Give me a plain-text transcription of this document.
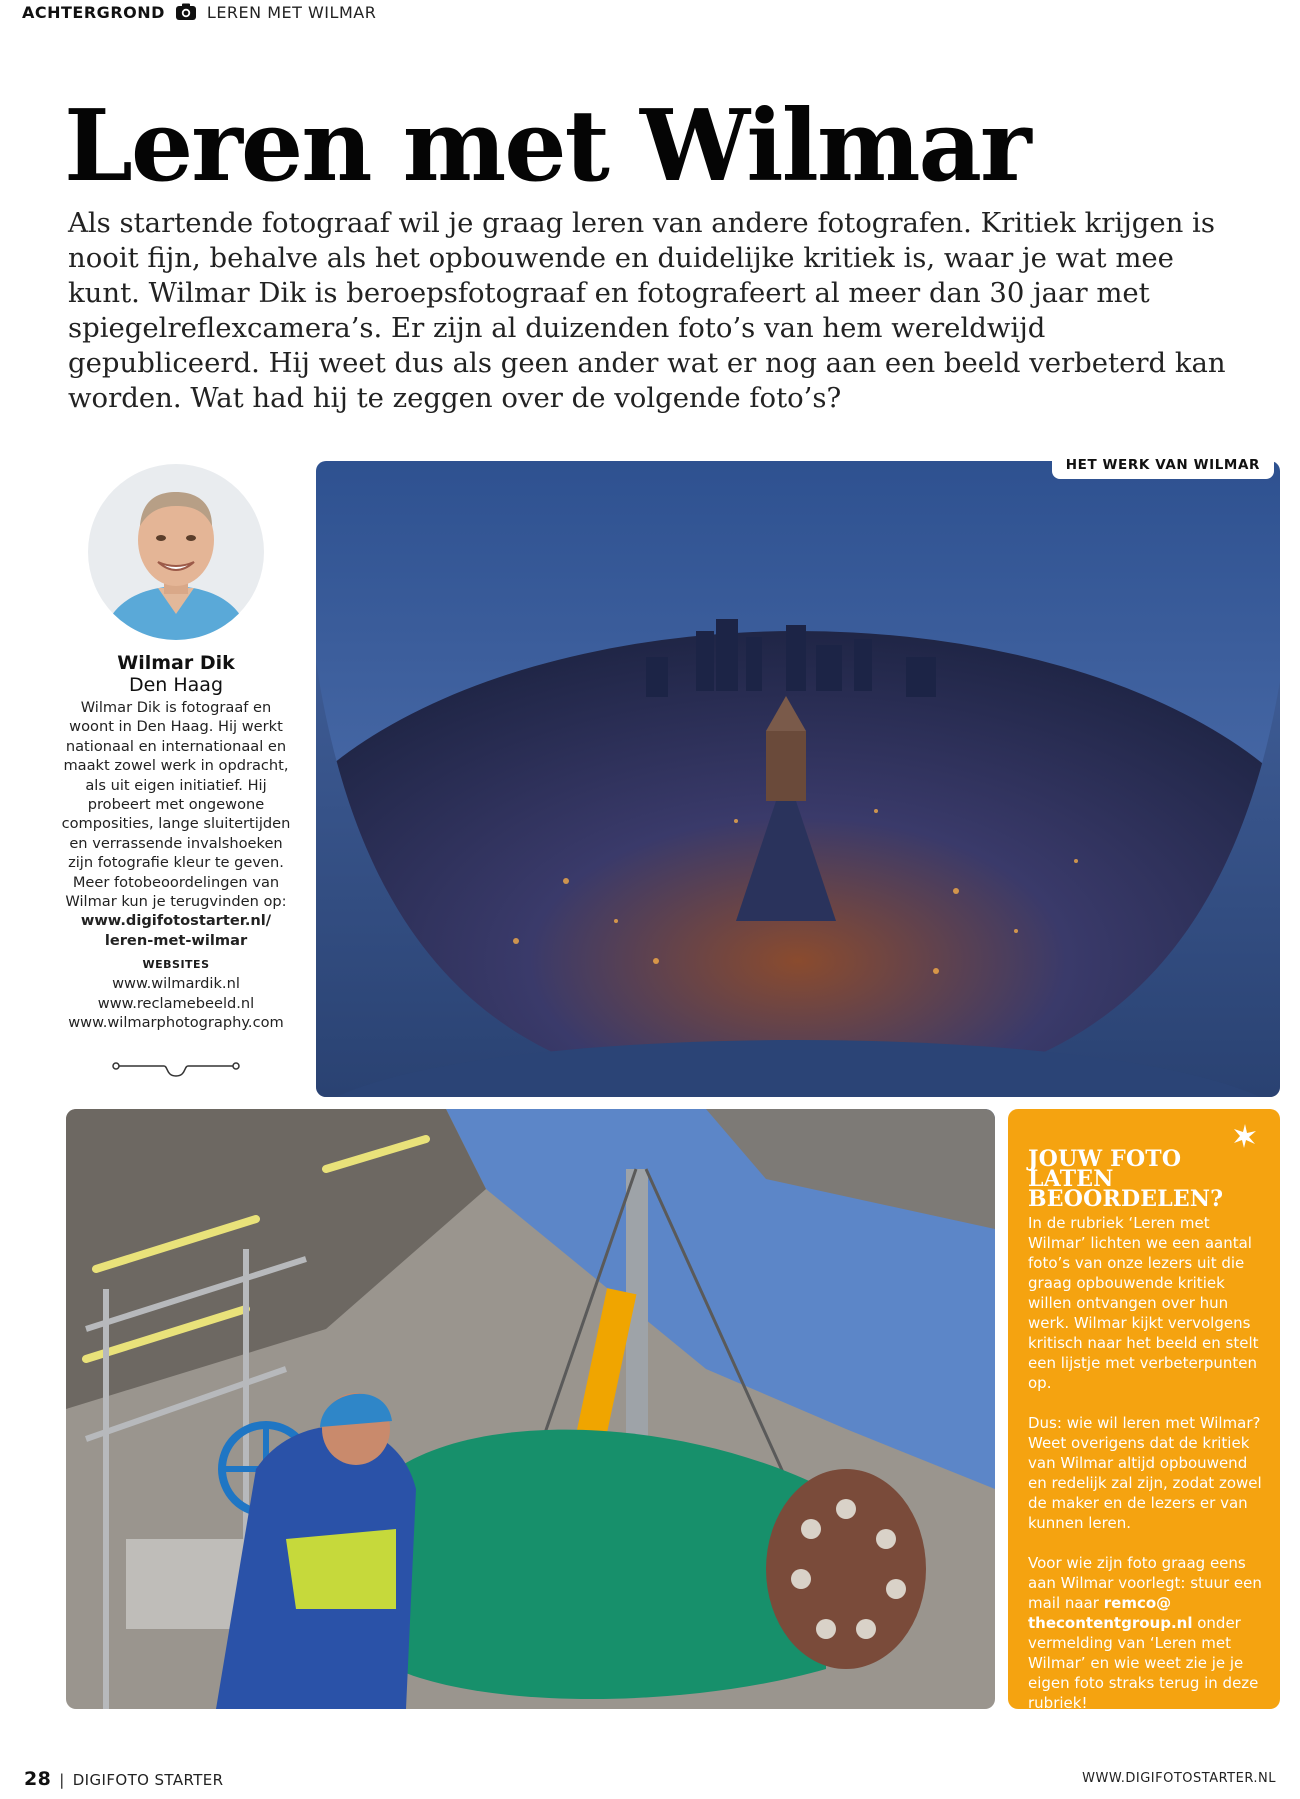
ACHTERGROND	LEREN MET WILMAR
Leren met Wilmar

Als startende fotograaf wil je graag leren van andere fotografen. Kritiek krijgen is nooit fijn, behalve als het opbouwende en duidelijke kritiek is, waar je wat mee kunt. Wilmar Dik is beroepsfotograaf en fotografeert al meer dan 30 jaar met spiegelreflexcamera’s. Er zijn al duizenden foto’s van hem wereldwijd gepubliceerd. Hij weet dus als geen ander wat er nog aan een beeld verbeterd kan worden. Wat had hij te zeggen over de volgende foto’s?

Wilmar Dik
Den Haag
Wilmar Dik is fotograaf en woont in Den Haag. Hij werkt nationaal en internationaal en maakt zowel werk in opdracht, als uit eigen initiatief. Hij probeert met ongewone composities, lange sluitertijden en verrassende invalshoeken zijn fotografie kleur te geven. Meer fotobeoordelingen van Wilmar kun je terugvinden op: www.digifotostarter.nl/ leren-met-wilmar
WEBSITES
www.wilmardik.nl
www.reclamebeeld.nl
www.wilmarphotography.com
HET WERK VAN WILMAR

JOUW FOTO LATEN BEOORDELEN?

In de rubriek ‘Leren met Wilmar’ lichten we een aantal foto’s van onze lezers uit die graag opbouwende kritiek willen ontvangen over hun werk. Wilmar kijkt vervolgens kritisch naar het beeld en stelt een lijstje met verbeterpunten op.

Dus: wie wil leren met Wilmar? Weet overigens dat de kritiek van Wilmar altijd opbouwend en redelijk zal zijn, zodat zowel de maker en de lezers er van kunnen leren.

Voor wie zijn foto graag eens aan Wilmar voorlegt: stuur een mail naar remco@ thecontentgroup.nl onder vermelding van ‘Leren met Wilmar’ en wie weet zie je je eigen foto straks terug in deze rubriek!

28 | DIGIFOTO STARTER	WWW.DIGIFOTOSTARTER.NL
